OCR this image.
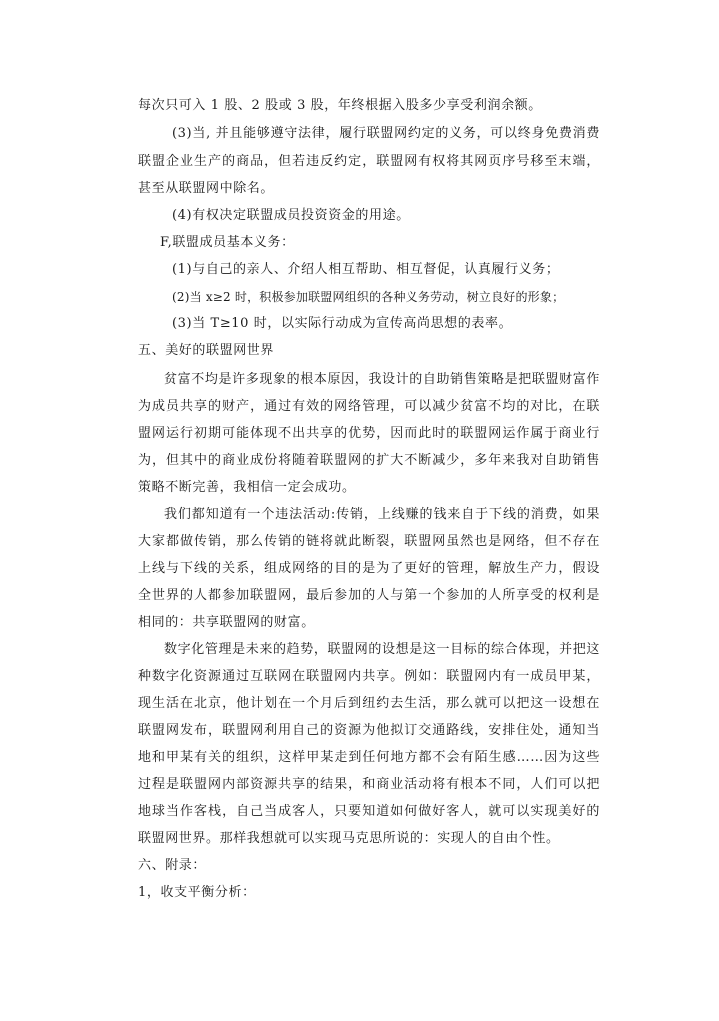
每次只可入 1 股、2 股或 3 股，年终根据入股多少享受利润余额。
(3)当, 并且能够遵守法律，履行联盟网约定的义务，可以终身免费消费
联盟企业生产的商品，但若违反约定，联盟网有权将其网页序号移至末端，
甚至从联盟网中除名。
(4)有权决定联盟成员投资资金的用途。
F,联盟成员基本义务：
(1)与自己的亲人、介绍人相互帮助、相互督促，认真履行义务；
(2)当 x≥2 时，积极参加联盟网组织的各种义务劳动，树立良好的形象；
(3)当 T≥10 时，以实际行动成为宣传高尚思想的表率。
五、美好的联盟网世界
贫富不均是许多现象的根本原因，我设计的自助销售策略是把联盟财富作
为成员共享的财产，通过有效的网络管理，可以减少贫富不均的对比，在联
盟网运行初期可能体现不出共享的优势，因而此时的联盟网运作属于商业行
为，但其中的商业成份将随着联盟网的扩大不断减少，多年来我对自助销售
策略不断完善，我相信一定会成功。
我们都知道有一个违法活动:传销，上线赚的钱来自于下线的消费，如果
大家都做传销，那么传销的链将就此断裂，联盟网虽然也是网络，但不存在
上线与下线的关系，组成网络的目的是为了更好的管理，解放生产力，假设
全世界的人都参加联盟网，最后参加的人与第一个参加的人所享受的权利是
相同的：共享联盟网的财富。
数字化管理是未来的趋势，联盟网的设想是这一目标的综合体现，并把这
种数字化资源通过互联网在联盟网内共享。例如：联盟网内有一成员甲某，
现生活在北京，他计划在一个月后到纽约去生活，那么就可以把这一设想在
联盟网发布，联盟网利用自己的资源为他拟订交通路线，安排住处，通知当
地和甲某有关的组织，这样甲某走到任何地方都不会有陌生感……因为这些
过程是联盟网内部资源共享的结果，和商业活动将有根本不同，人们可以把
地球当作客栈，自己当成客人，只要知道如何做好客人，就可以实现美好的
联盟网世界。那样我想就可以实现马克思所说的：实现人的自由个性。
六、附录：
1，收支平衡分析：
